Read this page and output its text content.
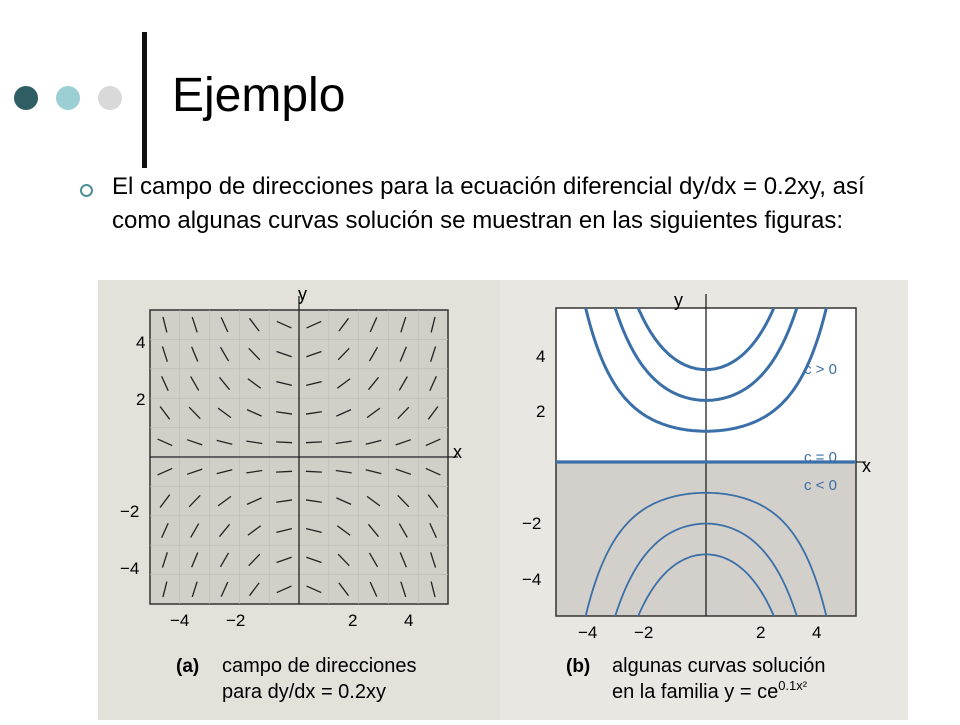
Ejemplo
El campo de direcciones para la ecuación diferencial dy/dx = 0.2xy, así como algunas curvas solución se muestran en las siguientes figuras:
y
x
4
2
−2
−4
−4 −2	2	4
(a) campo de direcciones
para dy/dx = 0.2xy
y
x
4
2
−2
−4
−4 −2	2	4
c > 0
c = 0
c < 0
(b) algunas curvas solución
en la familia $y = ce^{0.1x^2}$
